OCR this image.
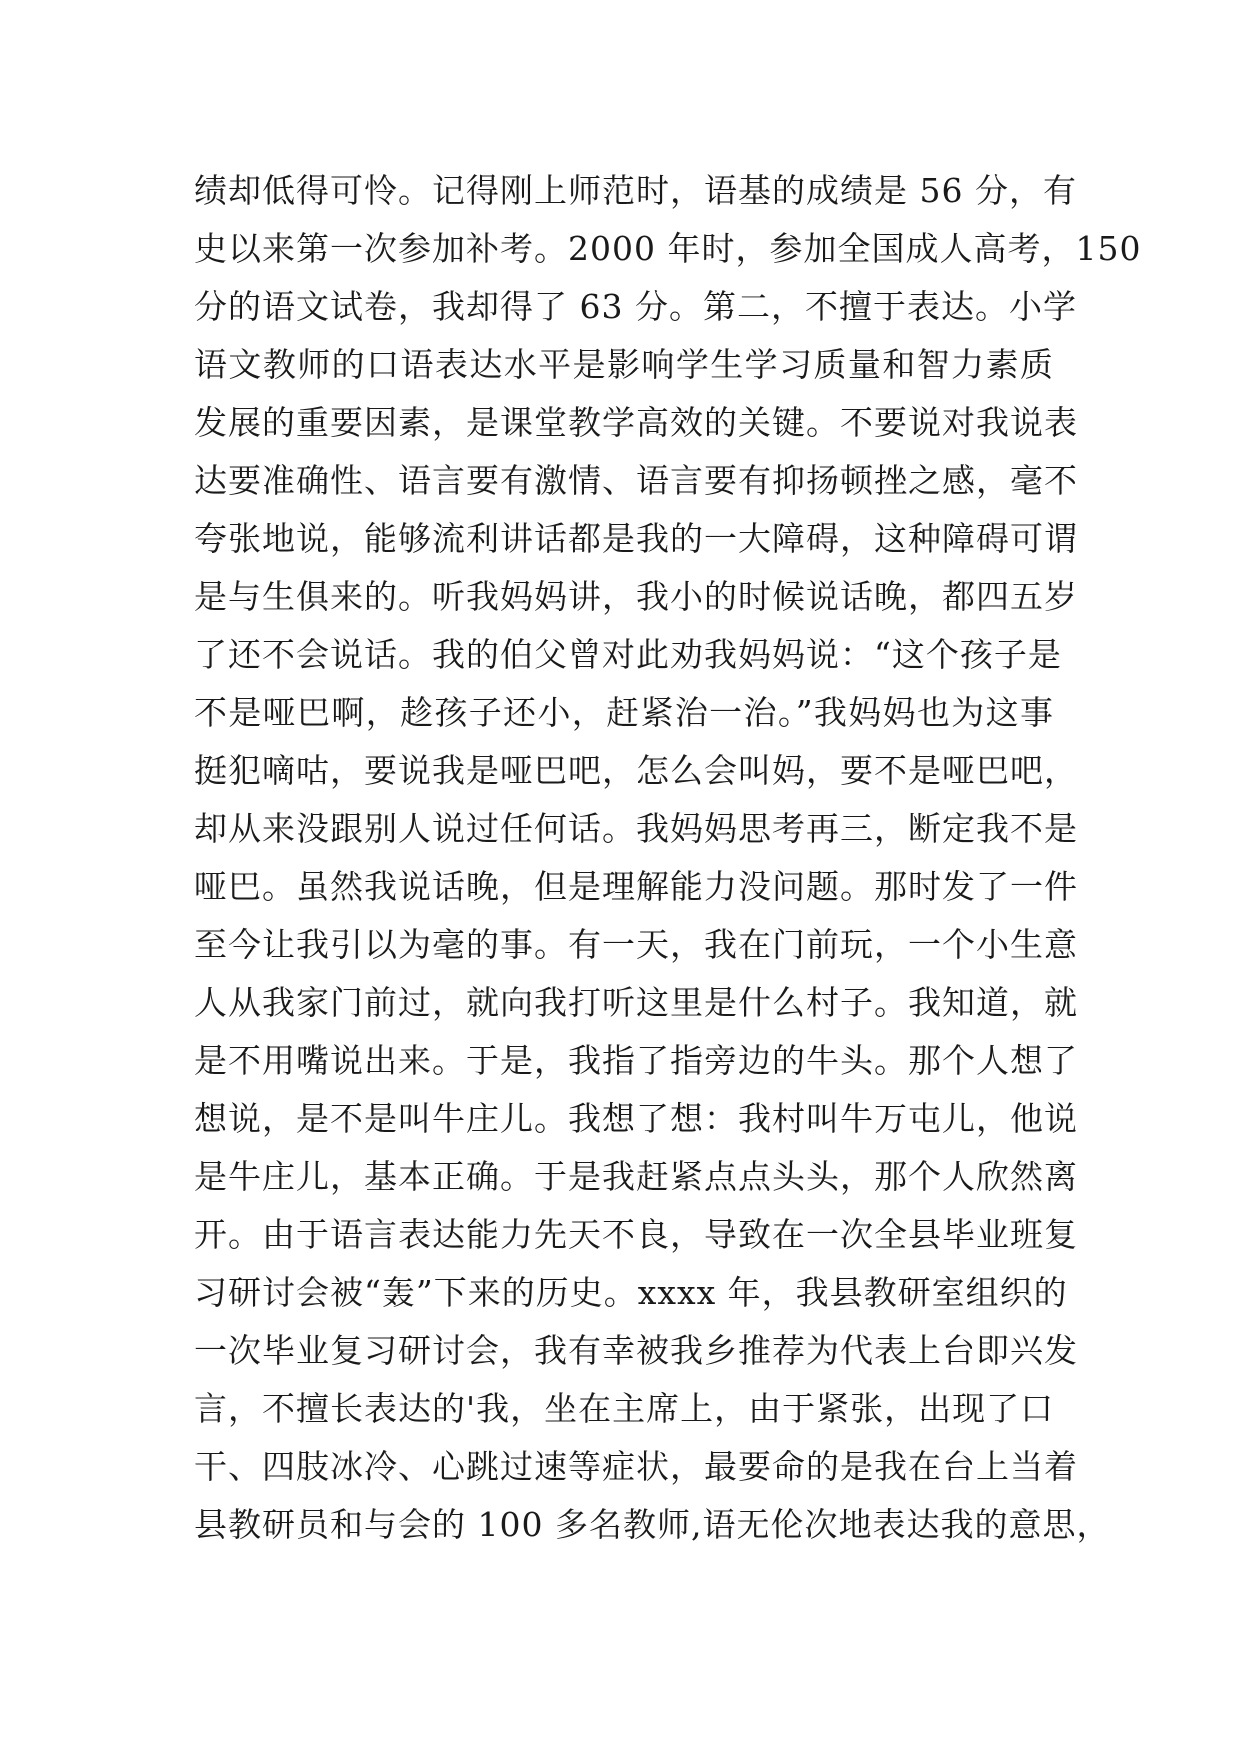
绩却低得可怜。记得刚上师范时，语基的成绩是 56 分，有
史以来第一次参加补考。2000 年时，参加全国成人高考，150
分的语文试卷，我却得了 63 分。第二，不擅于表达。小学
语文教师的口语表达水平是影响学生学习质量和智力素质
发展的重要因素，是课堂教学高效的关键。不要说对我说表
达要准确性、语言要有激情、语言要有抑扬顿挫之感，毫不
夸张地说，能够流利讲话都是我的一大障碍，这种障碍可谓
是与生俱来的。听我妈妈讲，我小的时候说话晚，都四五岁
了还不会说话。我的伯父曾对此劝我妈妈说：“这个孩子是
不是哑巴啊，趁孩子还小，赶紧治一治。”我妈妈也为这事
挺犯嘀咕，要说我是哑巴吧，怎么会叫妈，要不是哑巴吧，
却从来没跟别人说过任何话。我妈妈思考再三，断定我不是
哑巴。虽然我说话晚，但是理解能力没问题。那时发了一件
至今让我引以为毫的事。有一天，我在门前玩，一个小生意
人从我家门前过，就向我打听这里是什么村子。我知道，就
是不用嘴说出来。于是，我指了指旁边的牛头。那个人想了
想说，是不是叫牛庄儿。我想了想：我村叫牛万屯儿，他说
是牛庄儿，基本正确。于是我赶紧点点头头，那个人欣然离
开。由于语言表达能力先天不良，导致在一次全县毕业班复
习研讨会被“轰”下来的历史。xxxx 年，我县教研室组织的
一次毕业复习研讨会，我有幸被我乡推荐为代表上台即兴发
言，不擅长表达的'我，坐在主席上，由于紧张，出现了口
干、四肢冰冷、心跳过速等症状，最要命的是我在台上当着
县教研员和与会的 100 多名教师,语无伦次地表达我的意思，
